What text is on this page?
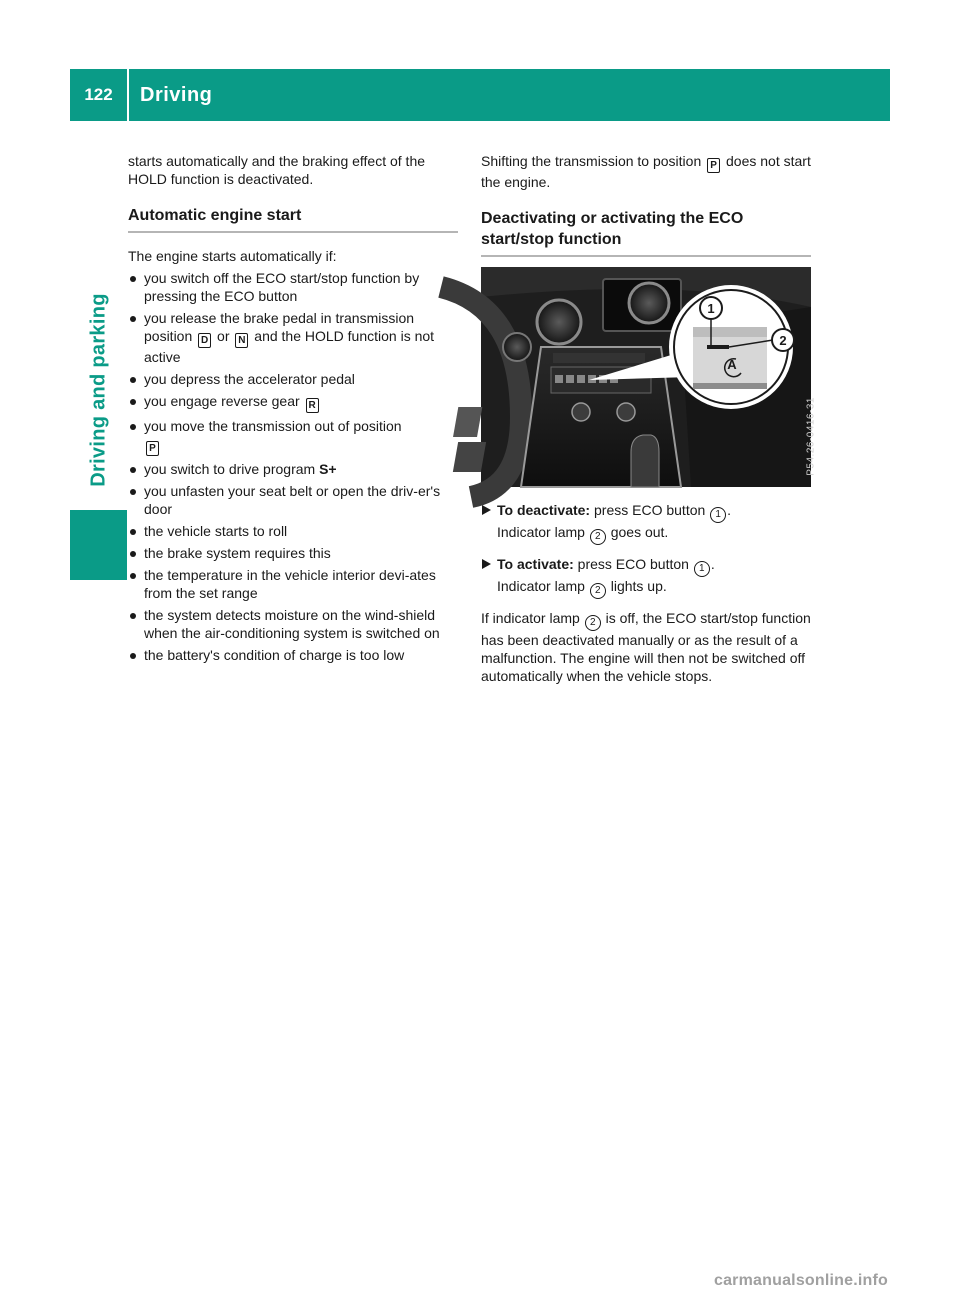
122	Driving
Driving and parking

starts automatically and the braking effect of the HOLD function is deactivated.

Automatic engine start

The engine starts automatically if:

you switch off the ECO start/stop function by pressing the ECO button
you release the brake pedal in transmission position D or N and the HOLD function is not active
you depress the accelerator pedal
you engage reverse gear R
you move the transmission out of position
P
you switch to drive program S+
you unfasten your seat belt or open the driv-er's door
the vehicle starts to roll
the brake system requires this
the temperature in the vehicle interior devi-ates from the set range
the system detects moisture on the wind-shield when the air-conditioning system is switched on
the battery's condition of charge is too low

Shifting the transmission to position P does not start the engine.

Deactivating or activating the ECO start/stop function
1
2
A
P54.26-0416-31
To deactivate: press ECO button 1 .
Indicator lamp 2 goes out.
To activate: press ECO button 1 .
Indicator lamp 2 lights up.

If indicator lamp 2 is off, the ECO start/stop function has been deactivated manually or as the result of a malfunction. The engine will then not be switched off automatically when the vehicle stops.

carmanualsonline.info
